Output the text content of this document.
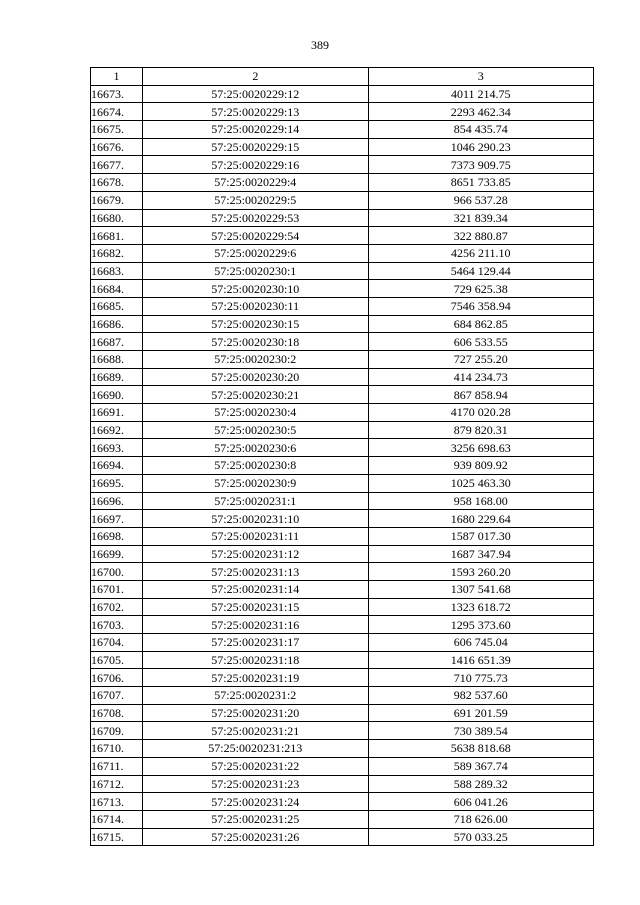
389
1	2	3
16673.	57:25:0020229:12	4011 214.75
16674.	57:25:0020229:13	2293 462.34
16675.	57:25:0020229:14	854 435.74
16676.	57:25:0020229:15	1046 290.23
16677.	57:25:0020229:16	7373 909.75
16678.	57:25:0020229:4	8651 733.85
16679.	57:25:0020229:5	966 537.28
16680.	57:25:0020229:53	321 839.34
16681.	57:25:0020229:54	322 880.87
16682.	57:25:0020229:6	4256 211.10
16683.	57:25:0020230:1	5464 129.44
16684.	57:25:0020230:10	729 625.38
16685.	57:25:0020230:11	7546 358.94
16686.	57:25:0020230:15	684 862.85
16687.	57:25:0020230:18	606 533.55
16688.	57:25:0020230:2	727 255.20
16689.	57:25:0020230:20	414 234.73
16690.	57:25:0020230:21	867 858.94
16691.	57:25:0020230:4	4170 020.28
16692.	57:25:0020230:5	879 820.31
16693.	57:25:0020230:6	3256 698.63
16694.	57:25:0020230:8	939 809.92
16695.	57:25:0020230:9	1025 463.30
16696.	57:25:0020231:1	958 168.00
16697.	57:25:0020231:10	1680 229.64
16698.	57:25:0020231:11	1587 017.30
16699.	57:25:0020231:12	1687 347.94
16700.	57:25:0020231:13	1593 260.20
16701.	57:25:0020231:14	1307 541.68
16702.	57:25:0020231:15	1323 618.72
16703.	57:25:0020231:16	1295 373.60
16704.	57:25:0020231:17	606 745.04
16705.	57:25:0020231:18	1416 651.39
16706.	57:25:0020231:19	710 775.73
16707.	57:25:0020231:2	982 537.60
16708.	57:25:0020231:20	691 201.59
16709.	57:25:0020231:21	730 389.54
16710.	57:25:0020231:213	5638 818.68
16711.	57:25:0020231:22	589 367.74
16712.	57:25:0020231:23	588 289.32
16713.	57:25:0020231:24	606 041.26
16714.	57:25:0020231:25	718 626.00
16715.	57:25:0020231:26	570 033.25
